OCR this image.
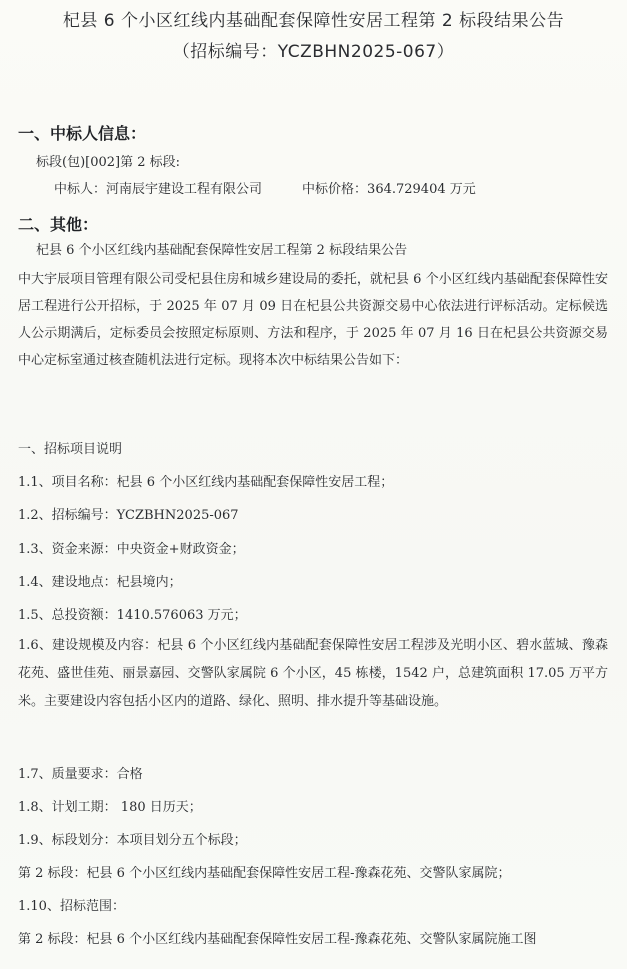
杞县 6 个小区红线内基础配套保障性安居工程第 2 标段结果公告
（招标编号：YCZBHN2025-067）
一、中标人信息：
标段(包)[002]第 2 标段:
中标人：河南辰宇建设工程有限公司	中标价格：364.729404 万元
二、其他：
杞县 6 个小区红线内基础配套保障性安居工程第 2 标段结果公告
中大宇辰项目管理有限公司受杞县住房和城乡建设局的委托，就杞县 6 个小区红线内基础配套保障性安居工程进行公开招标，于 2025 年 07 月 09 日在杞县公共资源交易中心依法进行评标活动。定标候选人公示期满后，定标委员会按照定标原则、方法和程序，于 2025 年 07 月 16 日在杞县公共资源交易中心定标室通过核查随机法进行定标。现将本次中标结果公告如下：
一、招标项目说明
1.1、项目名称：杞县 6 个小区红线内基础配套保障性安居工程；
1.2、招标编号：YCZBHN2025-067
1.3、资金来源：中央资金+财政资金；
1.4、建设地点：杞县境内；
1.5、总投资额：1410.576063 万元；
1.6、建设规模及内容：杞县 6 个小区红线内基础配套保障性安居工程涉及光明小区、碧水蓝城、豫森花苑、盛世佳苑、丽景嘉园、交警队家属院 6 个小区，45 栋楼，1542 户，总建筑面积 17.05 万平方米。主要建设内容包括小区内的道路、绿化、照明、排水提升等基础设施。
1.7、质量要求：合格
1.8、计划工期： 180 日历天；
1.9、标段划分：本项目划分五个标段；
第 2 标段：杞县 6 个小区红线内基础配套保障性安居工程-豫森花苑、交警队家属院；
1.10、招标范围：
第 2 标段：杞县 6 个小区红线内基础配套保障性安居工程-豫森花苑、交警队家属院施工图
